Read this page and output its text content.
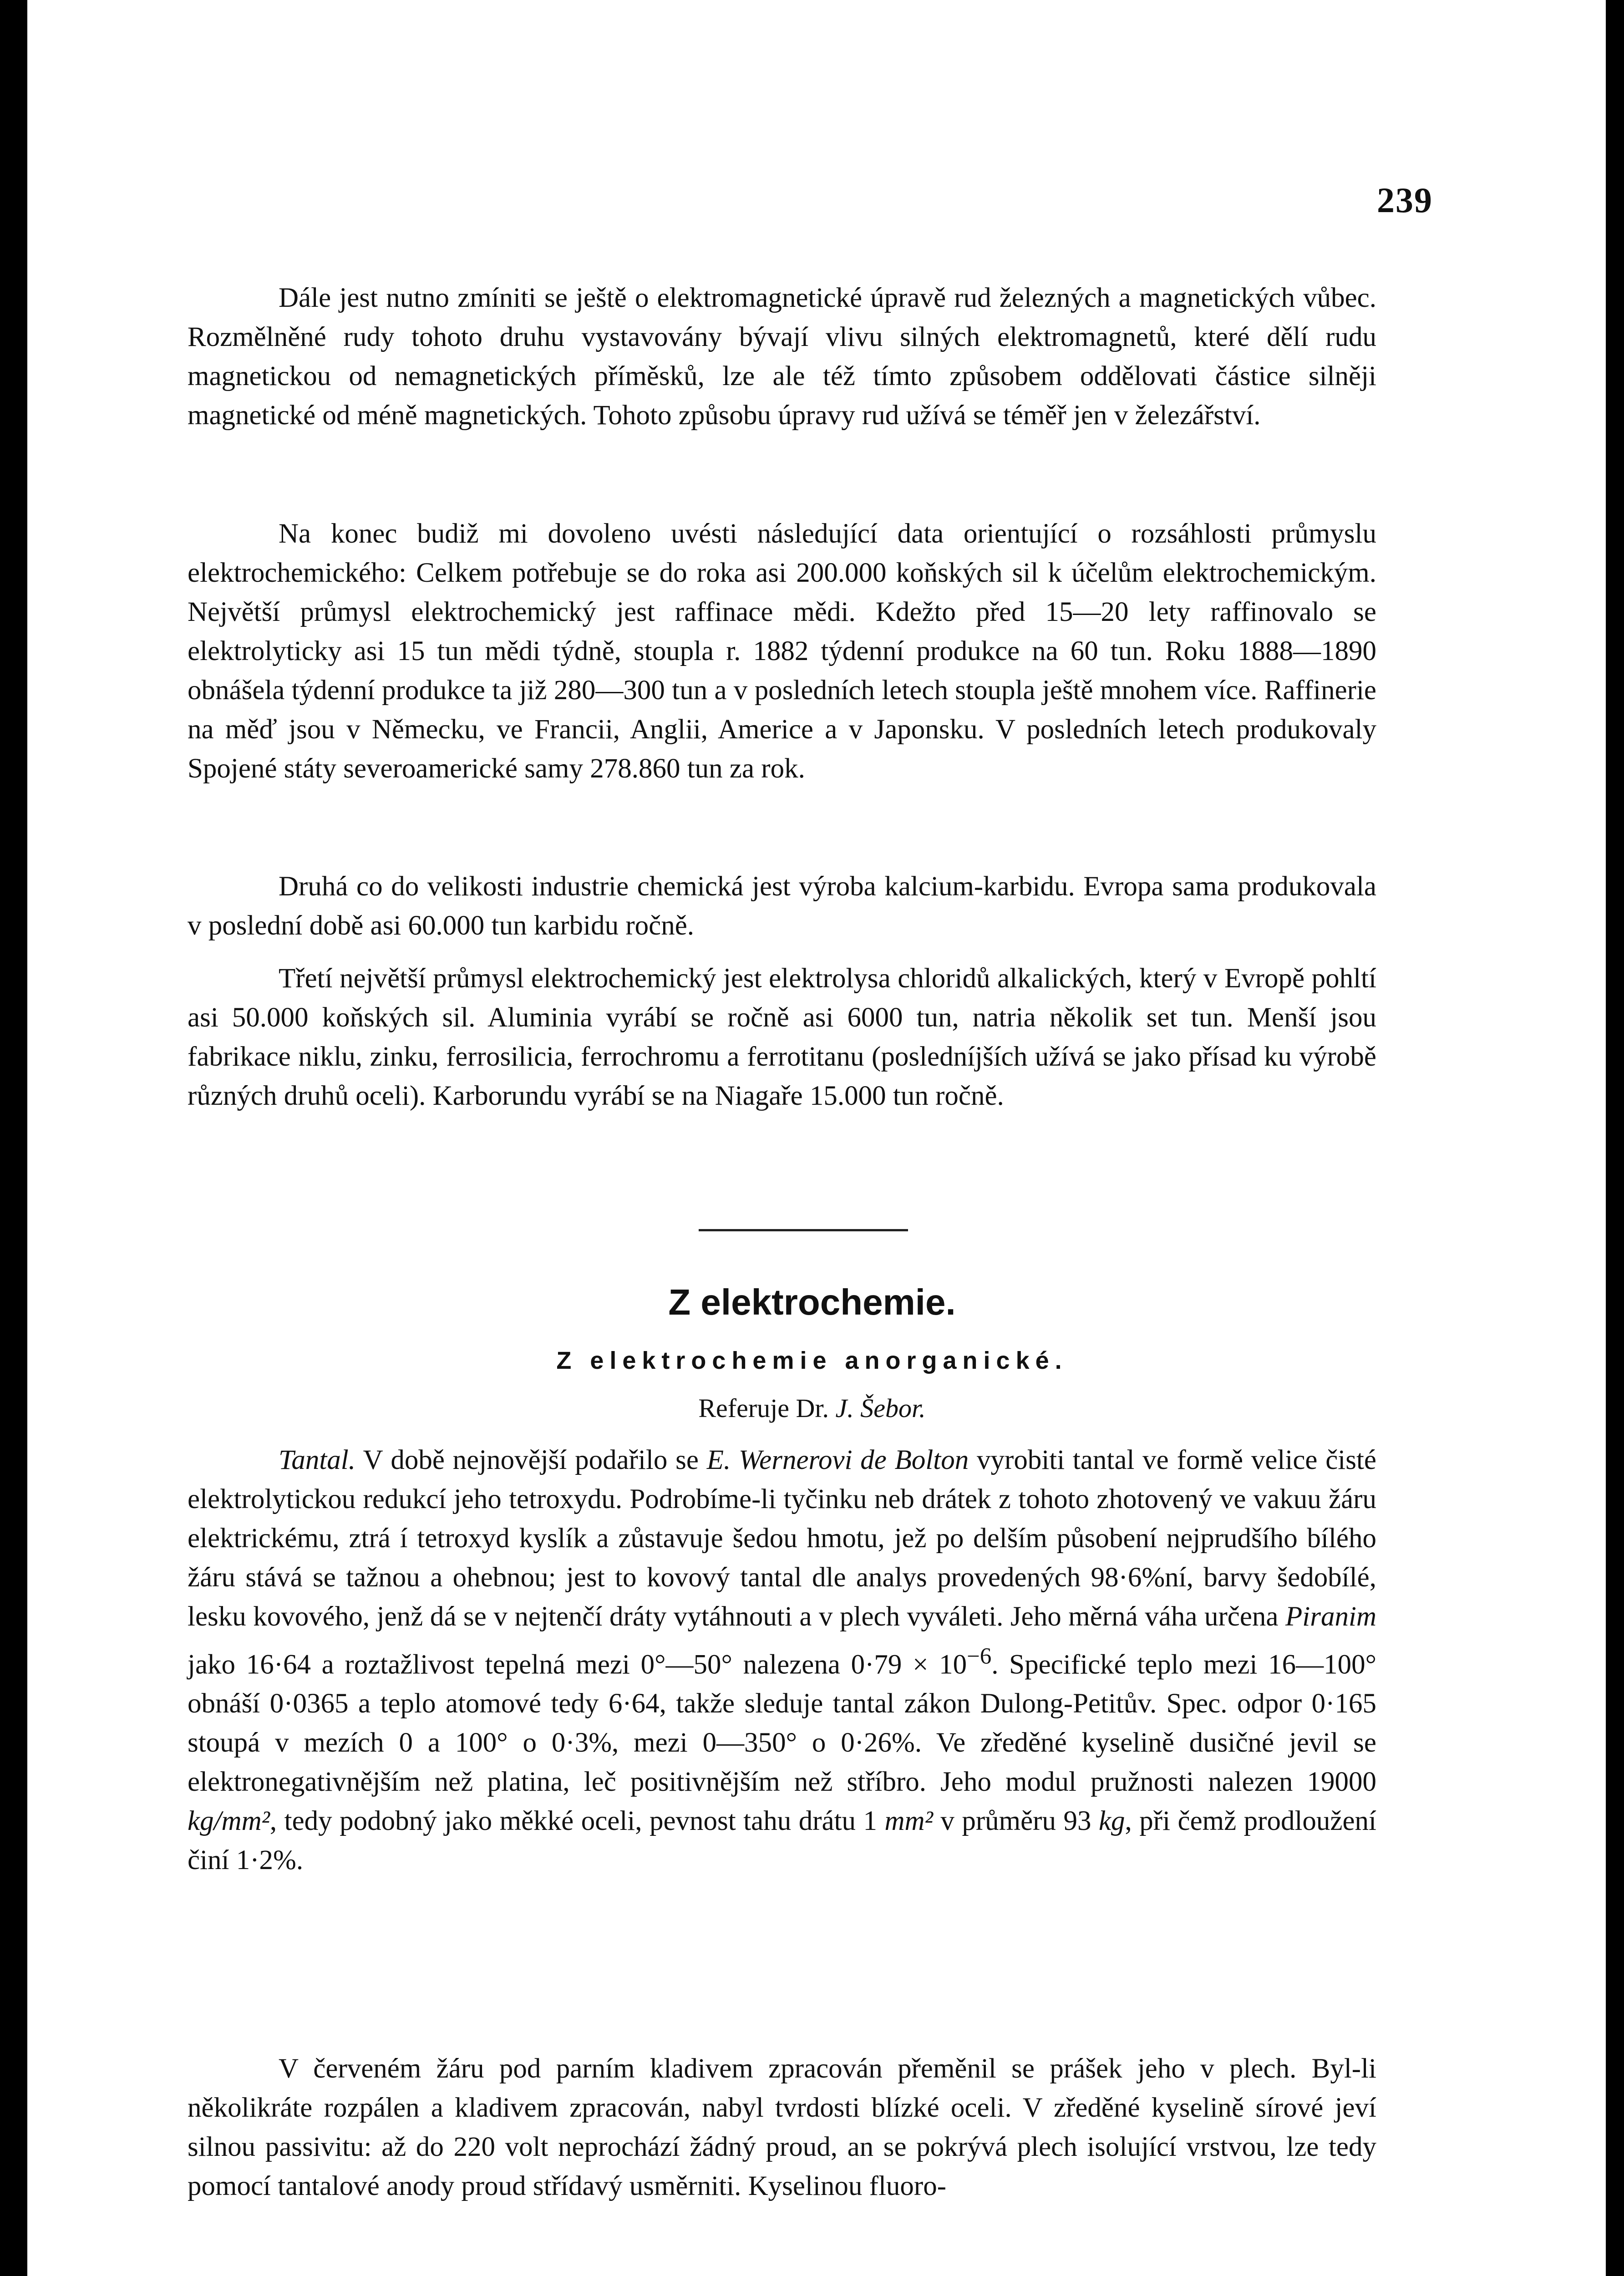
239

Dále jest nutno zmíniti se ještě o elektromagnetické úpravě rud železných a magnetických vůbec. Rozmělněné rudy tohoto druhu vystavovány bývají vlivu silných elektromagnetů, které dělí rudu magnetickou od nemagnetických příměsků, lze ale též tímto způsobem oddělovati částice silněji magnetické od méně magnetických. Tohoto způsobu úpravy rud užívá se téměř jen v železářství.

Na konec budiž mi dovoleno uvésti následující data orientující o rozsáhlosti průmyslu elektrochemického: Celkem potřebuje se do roka asi 200.000 koňských sil k účelům elektrochemickým. Největší průmysl elektrochemický jest raffinace mědi. Kdežto před 15—20 lety raffinovalo se elektrolyticky asi 15 tun mědi týdně, stoupla r. 1882 týdenní produkce na 60 tun. Roku 1888—1890 obnášela týdenní produkce ta již 280—300 tun a v posledních letech stoupla ještě mnohem více. Raffinerie na měď jsou v Německu, ve Francii, Anglii, Americe a v Japonsku. V posledních letech produkovaly Spojené státy severoamerické samy 278.860 tun za rok.

Druhá co do velikosti industrie chemická jest výroba kalcium-karbidu. Evropa sama produkovala v poslední době asi 60.000 tun karbidu ročně.

Třetí největší průmysl elektrochemický jest elektrolysa chloridů alkalických, který v Evropě pohltí asi 50.000 koňských sil. Aluminia vyrábí se ročně asi 6000 tun, natria několik set tun. Menší jsou fabrikace niklu, zinku, ferrosilicia, ferrochromu a ferrotitanu (posledníjších užívá se jako přísad ku výrobě různých druhů oceli). Karborundu vyrábí se na Niagaře 15.000 tun ročně.

Z elektrochemie.
Z elektrochemie anorganické.
Referuje Dr. J. Šebor.

Tantal. V době nejnovější podařilo se E. Wernerovi de Bolton vyrobiti tantal ve formě velice čisté elektrolytickou redukcí jeho tetroxydu. Podrobíme-li tyčinku neb drátek z tohoto zhotovený ve vakuu žáru elektrickému, ztrá í tetroxyd kyslík a zůstavuje šedou hmotu, jež po delším působení nejprudšího bílého žáru stává se tažnou a ohebnou; jest to kovový tantal dle analys provedených 98·6%ní, barvy šedobílé, lesku kovového, jenž dá se v nejtenčí dráty vytáhnouti a v plech vyváleti. Jeho měrná váha určena Piranim jako 16·64 a roztažlivost tepelná mezi 0°—50° nalezena $0\cdot 79 \times 10^{-6}$. Specifické teplo mezi 16—100° obnáší 0·0365 a teplo atomové tedy 6·64, takže sleduje tantal zákon Dulong-Petitův. Spec. odpor 0·165 stoupá v mezích 0 a 100° o 0·3%, mezi 0—350° o 0·26%. Ve zředěné kyselině dusičné jevil se elektronegativnějším než platina, leč positivnějším než stříbro. Jeho modul pružnosti nalezen 19000 kg/mm², tedy podobný jako měkké oceli, pevnost tahu drátu 1 mm² v průměru 93 kg, při čemž prodloužení činí 1·2%.

V červeném žáru pod parním kladivem zpracován přeměnil se prášek jeho v plech. Byl-li několikráte rozpálen a kladivem zpracován, nabyl tvrdosti blízké oceli. V zředěné kyselině sírové jeví silnou passivitu: až do 220 volt neprochází žádný proud, an se pokrývá plech isolující vrstvou, lze tedy pomocí tantalové anody proud střídavý usměrniti. Kyselinou fluoro-
